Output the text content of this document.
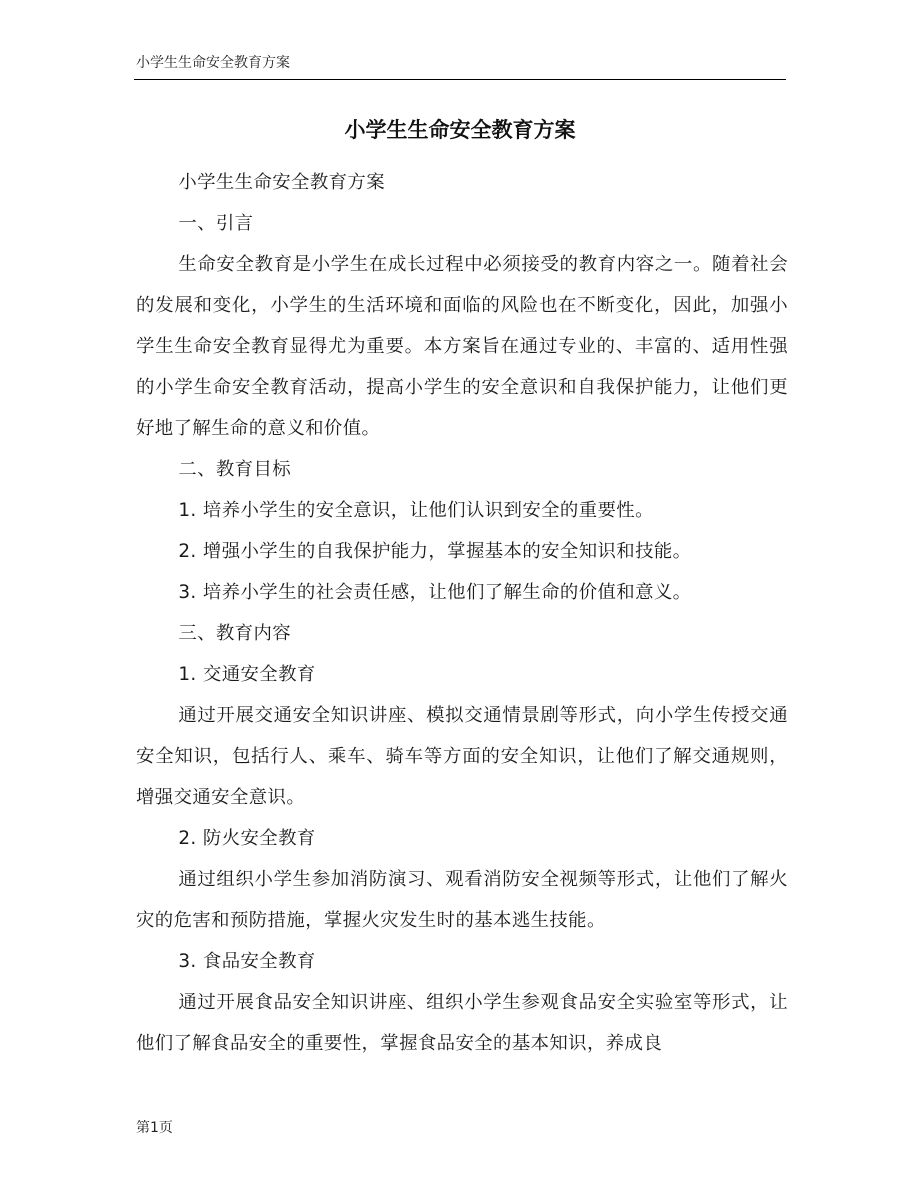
小学生生命安全教育方案
小学生生命安全教育方案

小学生生命安全教育方案

一、引言

生命安全教育是小学生在成长过程中必须接受的教育内容之一。随着社会的发展和变化，小学生的生活环境和面临的风险也在不断变化，因此，加强小学生生命安全教育显得尤为重要。本方案旨在通过专业的、丰富的、适用性强的小学生命安全教育活动，提高小学生的安全意识和自我保护能力，让他们更好地了解生命的意义和价值。

二、教育目标

1. 培养小学生的安全意识，让他们认识到安全的重要性。

2. 增强小学生的自我保护能力，掌握基本的安全知识和技能。

3. 培养小学生的社会责任感，让他们了解生命的价值和意义。

三、教育内容

1. 交通安全教育

通过开展交通安全知识讲座、模拟交通情景剧等形式，向小学生传授交通安全知识，包括行人、乘车、骑车等方面的安全知识，让他们了解交通规则，增强交通安全意识。

2. 防火安全教育

通过组织小学生参加消防演习、观看消防安全视频等形式，让他们了解火灾的危害和预防措施，掌握火灾发生时的基本逃生技能。

3. 食品安全教育

通过开展食品安全知识讲座、组织小学生参观食品安全实验室等形式，让他们了解食品安全的重要性，掌握食品安全的基本知识，养成良

第1页
